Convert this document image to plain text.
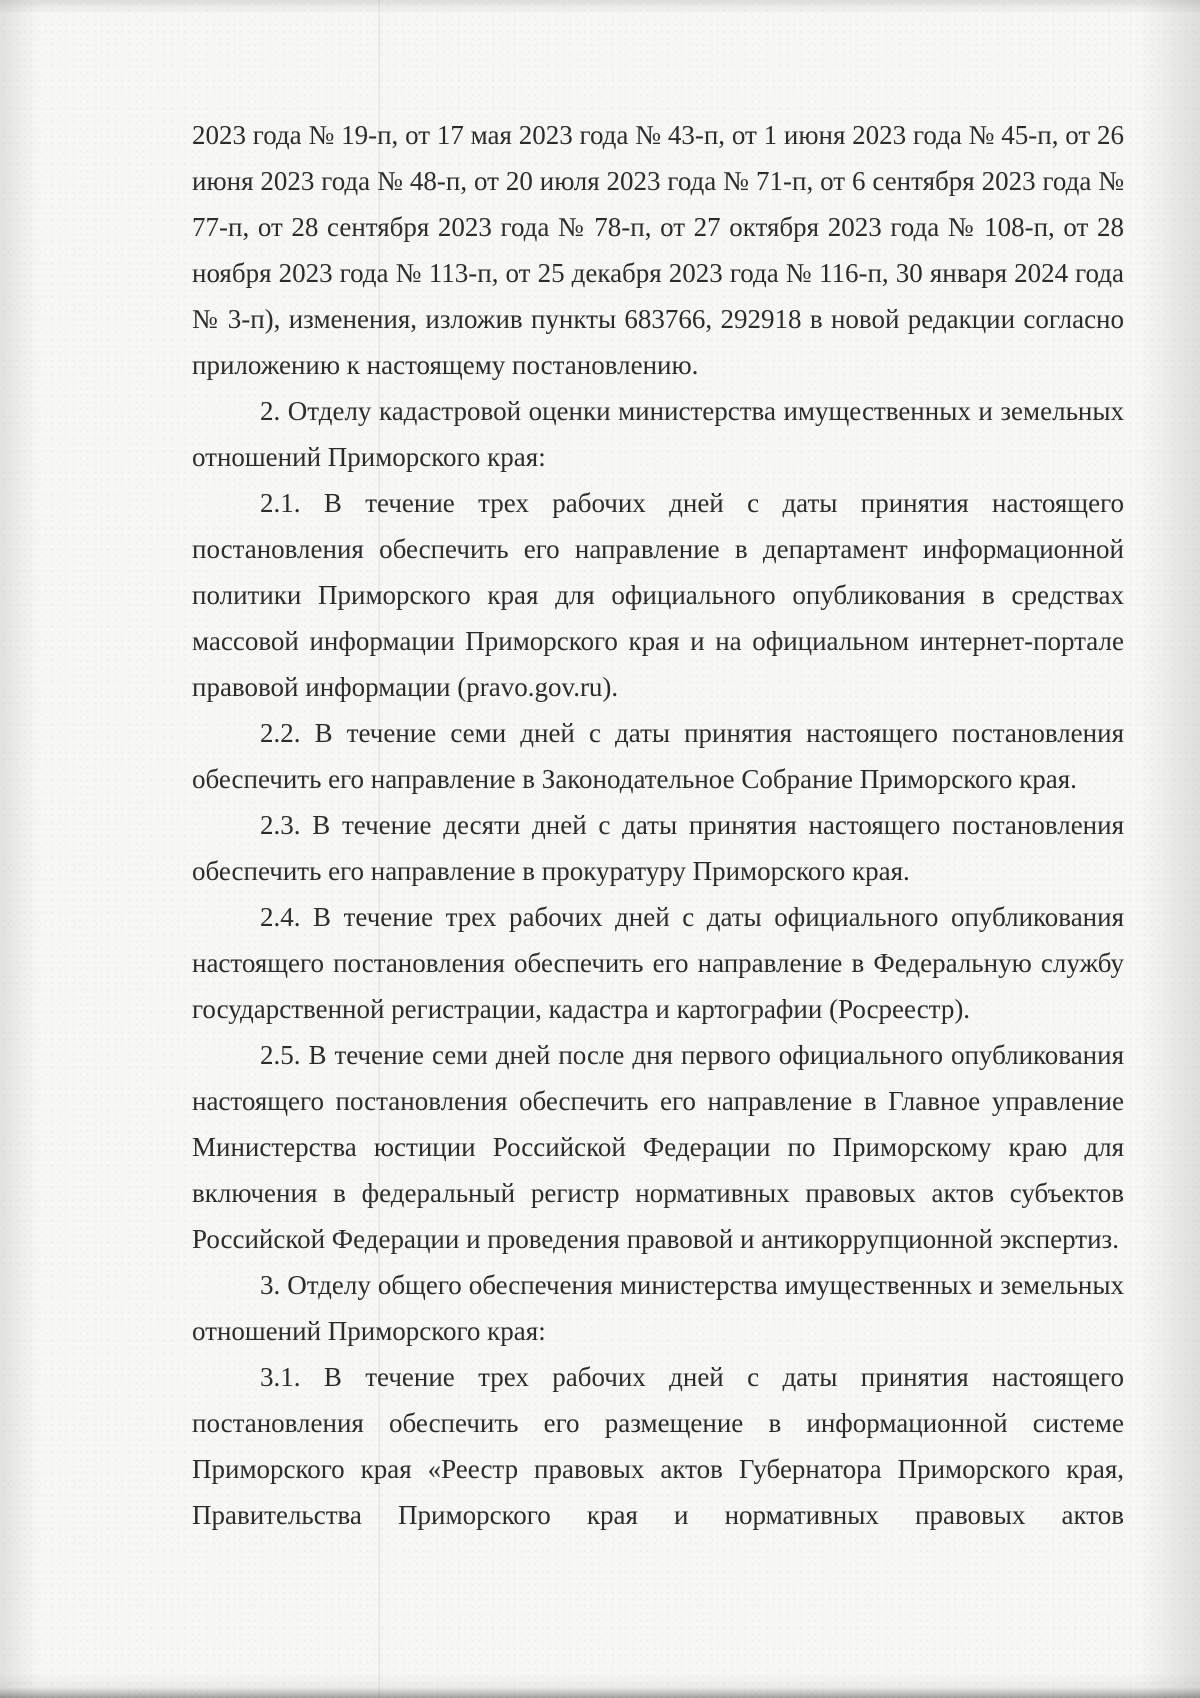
2023 года № 19-п, от 17 мая 2023 года № 43-п, от 1 июня 2023 года № 45-п, от 26 июня 2023 года № 48-п, от 20 июля 2023 года № 71-п, от 6 сентября 2023 года № 77-п, от 28 сентября 2023 года № 78-п, от 27 октября 2023 года № 108-п, от 28 ноября 2023 года № 113-п, от 25 декабря 2023 года № 116-п, 30 января 2024 года № 3-п), изменения, изложив пункты 683766, 292918 в новой редакции согласно приложению к настоящему постановлению.

2. Отделу кадастровой оценки министерства имущественных и земельных отношений Приморского края:

2.1. В течение трех рабочих дней с даты принятия настоящего постановления обеспечить его направление в департамент информационной политики Приморского края для официального опубликования в средствах массовой информации Приморского края и на официальном интернет-портале правовой информации (pravo.gov.ru).

2.2. В течение семи дней с даты принятия настоящего постановления обеспечить его направление в Законодательное Собрание Приморского края.

2.3. В течение десяти дней с даты принятия настоящего постановления обеспечить его направление в прокуратуру Приморского края.

2.4. В течение трех рабочих дней с даты официального опубликования настоящего постановления обеспечить его направление в Федеральную службу государственной регистрации, кадастра и картографии (Росреестр).

2.5. В течение семи дней после дня первого официального опубликования настоящего постановления обеспечить его направление в Главное управление Министерства юстиции Российской Федерации по Приморскому краю для включения в федеральный регистр нормативных правовых актов субъектов Российской Федерации и проведения правовой и антикоррупционной экспертиз.

3. Отделу общего обеспечения министерства имущественных и земельных отношений Приморского края:

3.1. В течение трех рабочих дней с даты принятия настоящего постановления обеспечить его размещение в информационной системе Приморского края «Реестр правовых актов Губернатора Приморского края, Правительства Приморского края и нормативных правовых актов
